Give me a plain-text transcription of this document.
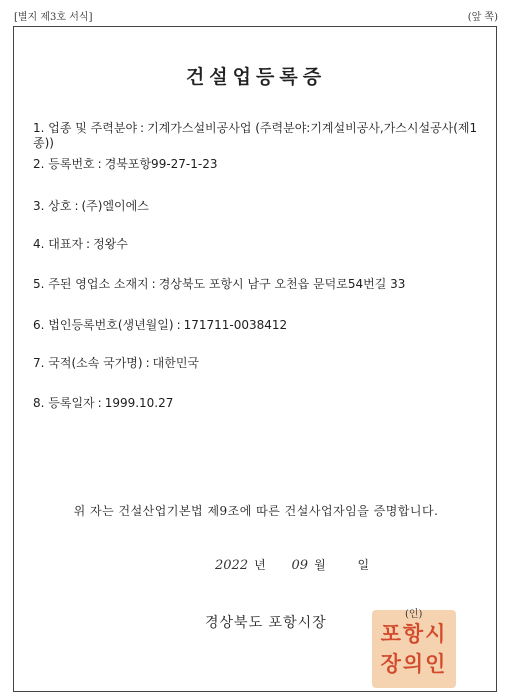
[별지 제3호 서식]	(앞 쪽)
건설업등록증
1. 업종 및 주력분야 : 기계가스설비공사업 (주력분야:기계설비공사,가스시설공사(제1종))
2. 등록번호 : 경북포항99-27-1-23
3. 상호 : (주)엘이에스
4. 대표자 : 정왕수
5. 주된 영업소 소재지 : 경상북도 포항시 남구 오천읍 문덕로54번길 33
6. 법인등록번호(생년월일) : 171711-0038412
7. 국적(소속 국가명) : 대한민국
8. 등록일자 : 1999.10.27
위 자는 건설산업기본법 제9조에 따른 건설사업자임을 증명합니다.
2022 년 09 월	일
경상북도 포항시장	포항시
장의인
(인)
